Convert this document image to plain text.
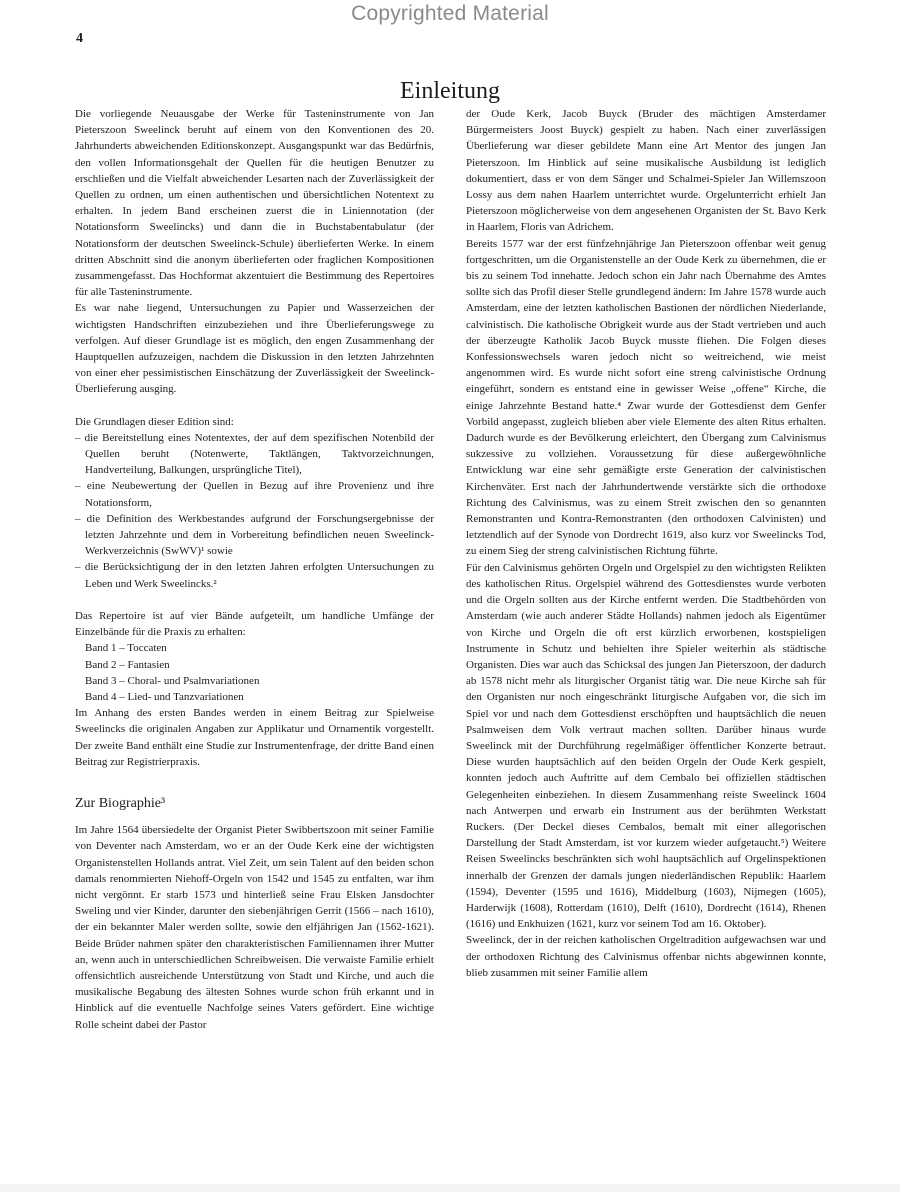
Copyrighted Material
4
Einleitung

Die vorliegende Neuausgabe der Werke für Tasteninstrumente von Jan Pieterszoon Sweelinck beruht auf einem von den Konventionen des 20. Jahrhunderts abweichenden Editionskonzept. Ausgangspunkt war das Bedürfnis, den vollen Informationsgehalt der Quellen für die heutigen Benutzer zu erschließen und die Vielfalt abweichender Lesarten nach der Zuverlässigkeit der Quellen zu ordnen, um einen authentischen und übersichtlichen Notentext zu erhalten. In jedem Band erscheinen zuerst die in Liniennotation (der Notationsform Sweelincks) und dann die in Buchstabentabulatur (der Notationsform der deutschen Sweelinck-Schule) überlieferten Werke. In einem dritten Abschnitt sind die anonym überlieferten oder fraglichen Kompositionen zusammengefasst. Das Hochformat akzentuiert die Bestimmung des Repertoires für alle Tasteninstrumente.

Es war nahe liegend, Untersuchungen zu Papier und Wasserzeichen der wichtigsten Handschriften einzubeziehen und ihre Überlieferungswege zu verfolgen. Auf dieser Grundlage ist es möglich, den engen Zusammenhang der Hauptquellen aufzuzeigen, nachdem die Diskussion in den letzten Jahrzehnten von einer eher pessimistischen Einschätzung der Zuverlässigkeit der Sweelinck-Überlieferung ausging.

Die Grundlagen dieser Edition sind:

– die Bereitstellung eines Notentextes, der auf dem spezifischen Notenbild der Quellen beruht (Notenwerte, Taktlängen, Taktvorzeichnungen, Handverteilung, Balkungen, ursprüngliche Titel),
– eine Neubewertung der Quellen in Bezug auf ihre Provenienz und ihre Notationsform,
– die Definition des Werkbestandes aufgrund der Forschungsergebnisse der letzten Jahrzehnte und dem in Vorbereitung befindlichen neuen Sweelinck-Werkverzeichnis (SwWV)¹ sowie
– die Berücksichtigung der in den letzten Jahren erfolgten Untersuchungen zu Leben und Werk Sweelincks.²

Das Repertoire ist auf vier Bände aufgeteilt, um handliche Umfänge der Einzelbände für die Praxis zu erhalten:

Band 1 – Toccaten
Band 2 – Fantasien
Band 3 – Choral- und Psalmvariationen
Band 4 – Lied- und Tanzvariationen

Im Anhang des ersten Bandes werden in einem Beitrag zur Spielweise Sweelincks die originalen Angaben zur Applikatur und Ornamentik vorgestellt. Der zweite Band enthält eine Studie zur Instrumentenfrage, der dritte Band einen Beitrag zur Registrierpraxis.

Zur Biographie³

Im Jahre 1564 übersiedelte der Organist Pieter Swibbertszoon mit seiner Familie von Deventer nach Amsterdam, wo er an der Oude Kerk eine der wichtigsten Organistenstellen Hollands antrat. Viel Zeit, um sein Talent auf den beiden schon damals renommierten Niehoff-Orgeln von 1542 und 1545 zu entfalten, war ihm nicht vergönnt. Er starb 1573 und hinterließ seine Frau Elsken Jansdochter Sweling und vier Kinder, darunter den siebenjährigen Gerrit (1566 – nach 1610), der ein bekannter Maler werden sollte, sowie den elfjährigen Jan (1562-1621). Beide Brüder nahmen später den charakteristischen Familiennamen ihrer Mutter an, wenn auch in unterschiedlichen Schreibweisen. Die verwaiste Familie erhielt offensichtlich ausreichende Unterstützung von Stadt und Kirche, und auch die musikalische Begabung des ältesten Sohnes wurde schon früh erkannt und in Hinblick auf die eventuelle Nachfolge seines Vaters gefördert. Eine wichtige Rolle scheint dabei der Pastor

der Oude Kerk, Jacob Buyck (Bruder des mächtigen Amsterdamer Bürgermeisters Joost Buyck) gespielt zu haben. Nach einer zuverlässigen Überlieferung war dieser gebildete Mann eine Art Mentor des jungen Jan Pieterszoon. Im Hinblick auf seine musikalische Ausbildung ist lediglich dokumentiert, dass er von dem Sänger und Schalmei-Spieler Jan Willemszoon Lossy aus dem nahen Haarlem unterrichtet wurde. Orgelunterricht erhielt Jan Pieterszoon möglicherweise von dem angesehenen Organisten der St. Bavo Kerk in Haarlem, Floris van Adrichem.

Bereits 1577 war der erst fünfzehnjährige Jan Pieterszoon offenbar weit genug fortgeschritten, um die Organistenstelle an der Oude Kerk zu übernehmen, die er bis zu seinem Tod innehatte. Jedoch schon ein Jahr nach Übernahme des Amtes sollte sich das Profil dieser Stelle grundlegend ändern: Im Jahre 1578 wurde auch Amsterdam, eine der letzten katholischen Bastionen der nördlichen Niederlande, calvinistisch. Die katholische Obrigkeit wurde aus der Stadt vertrieben und auch der überzeugte Katholik Jacob Buyck musste fliehen. Die Folgen dieses Konfessionswechsels waren jedoch nicht so weitreichend, wie meist angenommen wird. Es wurde nicht sofort eine streng calvinistische Ordnung eingeführt, sondern es entstand eine in gewisser Weise „offene“ Kirche, die einige Jahrzehnte Bestand hatte.⁴ Zwar wurde der Gottesdienst dem Genfer Vorbild angepasst, zugleich blieben aber viele Elemente des alten Ritus erhalten. Dadurch wurde es der Bevölkerung erleichtert, den Übergang zum Calvinismus sukzessive zu vollziehen. Voraussetzung für diese außergewöhnliche Entwicklung war eine sehr gemäßigte erste Generation der calvinistischen Kirchenväter. Erst nach der Jahrhundertwende verstärkte sich die orthodoxe Richtung des Calvinismus, was zu einem Streit zwischen den so genannten Remonstranten und Kontra-Remonstranten (den orthodoxen Calvinisten) und letztendlich auf der Synode von Dordrecht 1619, also kurz vor Sweelincks Tod, zu einem Sieg der streng calvinistischen Richtung führte.

Für den Calvinismus gehörten Orgeln und Orgelspiel zu den wichtigsten Relikten des katholischen Ritus. Orgelspiel während des Gottesdienstes wurde verboten und die Orgeln sollten aus der Kirche entfernt werden. Die Stadtbehörden von Amsterdam (wie auch anderer Städte Hollands) nahmen jedoch als Eigentümer von Kirche und Orgeln die oft erst kürzlich erworbenen, kostspieligen Instrumente in Schutz und behielten ihre Spieler weiterhin als städtische Organisten. Dies war auch das Schicksal des jungen Jan Pieterszoon, der dadurch ab 1578 nicht mehr als liturgischer Organist tätig war. Die neue Kirche sah für den Organisten nur noch eingeschränkt liturgische Aufgaben vor, die sich im Spiel vor und nach dem Gottesdienst erschöpften und hauptsächlich die neuen Psalmweisen dem Volk vertraut machen sollten. Darüber hinaus wurde Sweelinck mit der Durchführung regelmäßiger öffentlicher Konzerte betraut. Diese wurden hauptsächlich auf den beiden Orgeln der Oude Kerk gespielt, konnten jedoch auch Auftritte auf dem Cembalo bei offiziellen städtischen Gelegenheiten einbeziehen. In diesem Zusammenhang reiste Sweelinck 1604 nach Antwerpen und erwarb ein Instrument aus der berühmten Werkstatt Ruckers. (Der Deckel dieses Cembalos, bemalt mit einer allegorischen Darstellung der Stadt Amsterdam, ist vor kurzem wieder aufgetaucht.⁵) Weitere Reisen Sweelincks beschränkten sich wohl hauptsächlich auf Orgelinspektionen innerhalb der Grenzen der damals jungen niederländischen Republik: Haarlem (1594), Deventer (1595 und 1616), Middelburg (1603), Nijmegen (1605), Harderwijk (1608), Rotterdam (1610), Delft (1610), Dordrecht (1614), Rhenen (1616) und Enkhuizen (1621, kurz vor seinem Tod am 16. Oktober).

Sweelinck, der in der reichen katholischen Orgeltradition aufgewachsen war und der orthodoxen Richtung des Calvinismus offenbar nichts abgewinnen konnte, blieb zusammen mit seiner Familie allem
